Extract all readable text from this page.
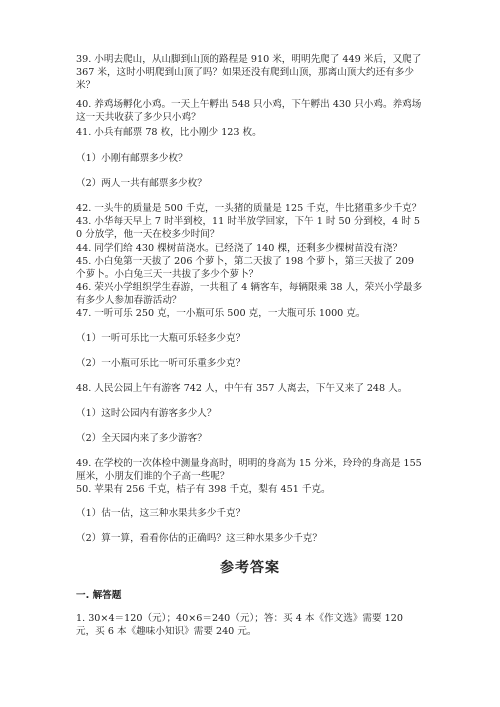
39. 小明去爬山，从山脚到山顶的路程是 910 米，明明先爬了 449 米后，又爬了 367 米，这时小明爬到山顶了吗？如果还没有爬到山顶，那离山顶大约还有多少米？

40. 养鸡场孵化小鸡。一天上午孵出 548 只小鸡，下午孵出 430 只小鸡。养鸡场这一天共收获了多少只小鸡？

41. 小兵有邮票 78 枚，比小刚少 123 枚。

（1）小刚有邮票多少枚？

（2）两人一共有邮票多少枚？

42. 一头牛的质量是 500 千克，一头猪的质量是 125 千克，牛比猪重多少千克？

43. 小华每天早上 7 时半到校，11 时半放学回家，下午 1 时 50 分到校，4 时 50 分放学，他一天在校多少时间？

44. 同学们给 430 棵树苗浇水。已经浇了 140 棵，还剩多少棵树苗没有浇？

45. 小白兔第一天拔了 206 个萝卜，第二天拔了 198 个萝卜，第三天拔了 209 个萝卜。小白兔三天一共拔了多少个萝卜？

46. 荣兴小学组织学生春游，一共租了 4 辆客车，每辆限乘 38 人，荣兴小学最多有多少人参加春游活动？

47. 一听可乐 250 克，一小瓶可乐 500 克，一大瓶可乐 1000 克。

（1）一听可乐比一大瓶可乐轻多少克？

（2）一小瓶可乐比一听可乐重多少克？

48. 人民公园上午有游客 742 人，中午有 357 人离去，下午又来了 248 人。

（1）这时公园内有游客多少人？

（2）全天园内来了多少游客？

49. 在学校的一次体检中测量身高时，明明的身高为 15 分米，玲玲的身高是 155 厘米，小朋友们谁的个子高一些呢？

50. 苹果有 256 千克，桔子有 398 千克，梨有 451 千克。

（1）估一估，这三种水果共多少千克？

（2）算一算，看看你估的正确吗？这三种水果多少千克？

参考答案

一. 解答题

1. 30×4＝120（元）；40×6＝240（元）；答：买 4 本《作文选》需要 120 元，买 6 本《趣味小知识》需要 240 元。
